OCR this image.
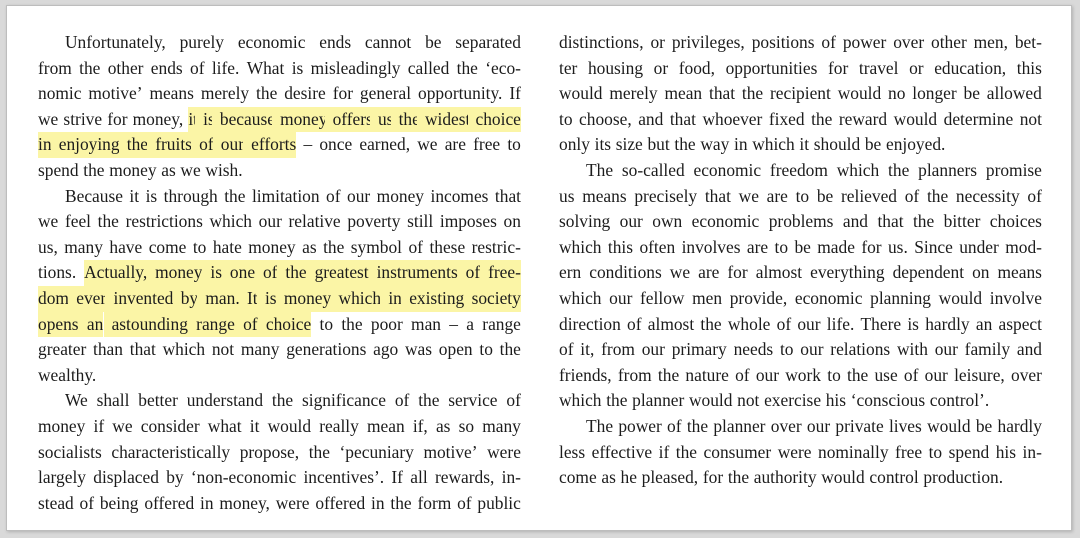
Unfortunately, purely economic ends cannot be separated
from the other ends of life. What is misleadingly called the ‘eco-
nomic motive’ means merely the desire for general opportunity. If
we strive for money, it is because money offers us the widest choice
in enjoying the fruits of our efforts – once earned, we are free to
spend the money as we wish.
Because it is through the limitation of our money incomes that
we feel the restrictions which our relative poverty still imposes on
us, many have come to hate money as the symbol of these restric-
tions. Actually, money is one of the greatest instruments of free-
dom ever invented by man. It is money which in existing society
opens an astounding range of choice to the poor man – a range
greater than that which not many generations ago was open to the
wealthy.
We shall better understand the significance of the service of
money if we consider what it would really mean if, as so many
socialists characteristically propose, the ‘pecuniary motive’ were
largely displaced by ‘non-economic incentives’. If all rewards, in-
stead of being offered in money, were offered in the form of public
distinctions, or privileges, positions of power over other men, bet-
ter housing or food, opportunities for travel or education, this
would merely mean that the recipient would no longer be allowed
to choose, and that whoever fixed the reward would determine not
only its size but the way in which it should be enjoyed.
The so-called economic freedom which the planners promise
us means precisely that we are to be relieved of the necessity of
solving our own economic problems and that the bitter choices
which this often involves are to be made for us. Since under mod-
ern conditions we are for almost everything dependent on means
which our fellow men provide, economic planning would involve
direction of almost the whole of our life. There is hardly an aspect
of it, from our primary needs to our relations with our family and
friends, from the nature of our work to the use of our leisure, over
which the planner would not exercise his ‘conscious control’.
The power of the planner over our private lives would be hardly
less effective if the consumer were nominally free to spend his in-
come as he pleased, for the authority would control production.
